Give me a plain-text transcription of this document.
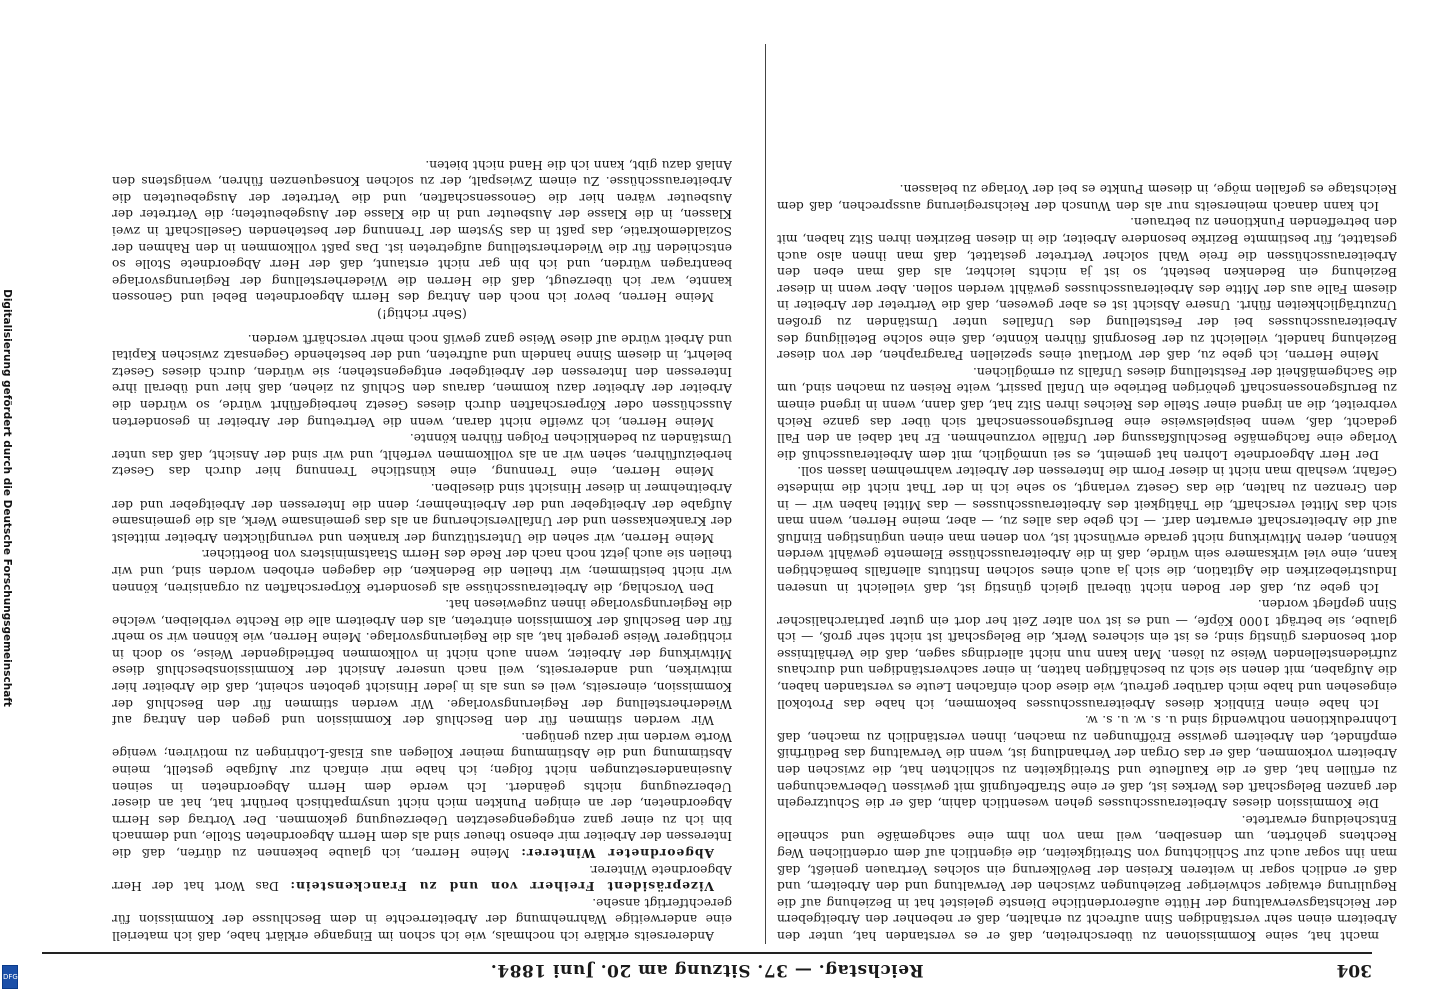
304
Reichstag. — 37. Sitzung am 20. Juni 1884.

macht hat, seine Kommissionen zu überschreiten, daß er es verstanden hat, unter den Arbeitern einen sehr verständigen Sinn aufrecht zu erhalten, daß er nebenher den Arbeitgebern der Reichstagsverwaltung der Hütte außerordentliche Dienste geleistet hat in Beziehung auf die Regulirung etwaiger schwieriger Beziehungen zwischen der Verwaltung und den Arbeitern, und daß er endlich sogar in weiteren Kreisen der Bevölkerung ein solches Vertrauen genießt, daß man ihn sogar auch zur Schlichtung von Streitigkeiten, die eigentlich auf dem ordentlichen Weg Rechtens gehörten, um denselben, weil man von ihm eine sachgemäße und schnelle Entscheidung erwartete.

Die Kommission dieses Arbeiterausschusses gehen wesentlich dahin, daß er die Schutzregeln der ganzen Belegschaft des Werkes ist, daß er eine Strafbefugniß mit gewissen Ueberwachungen zu erfüllen hat, daß er die Kaufleute und Streitigkeiten zu schlichten hat, die zwischen den Arbeitern vorkommen, daß er das Organ der Verhandlung ist, wenn die Verwaltung das Bedürfniß empfindet, den Arbeitern gewisse Eröffnungen zu machen, ihnen verständlich zu machen, daß Lohnreduktionen nothwendig sind u. s. w. u. s. w.

Ich habe einen Einblick dieses Arbeiterausschusses bekommen, ich habe das Protokoll eingesehen und habe mich darüber gefreut, wie diese doch einfachen Leute es verstanden haben, die Aufgaben, mit denen sie sich zu beschäftigen hatten, in einer sachverständigen und durchaus zufriedenstellenden Weise zu lösen. Man kann nun nicht allerdings sagen, daß die Verhältnisse dort besonders günstig sind; es ist ein sicheres Werk, die Belegschaft ist nicht sehr groß, — ich glaube, sie beträgt 1000 Köpfe, — und es ist von alter Zeit her dort ein guter patriarchalischer Sinn gepflegt worden.

Ich gebe zu, daß der Boden nicht überall gleich günstig ist, daß vielleicht in unseren Industriebezirken die Agitation, die sich ja auch eines solchen Instituts allenfalls bemächtigen kann, eine viel wirksamere sein würde, daß in die Arbeiterausschüsse Elemente gewählt werden können, deren Mitwirkung nicht gerade erwünscht ist, von denen man einen ungünstigen Einfluß auf die Arbeiterschaft erwarten darf. — Ich gebe das alles zu, — aber, meine Herren, wenn man sich das Mittel verschafft, die Thätigkeit des Arbeiterausschusses — das Mittel haben wir — in den Grenzen zu halten, die das Gesetz verlangt, so sehe ich in der That nicht die mindeste Gefahr, weshalb man nicht in dieser Form die Interessen der Arbeiter wahrnehmen lassen soll.

Der Herr Abgeordnete Lohren hat gemeint, es sei unmöglich, mit dem Arbeiterausschuß die Vorlage eine fachgemäße Beschlußfassung der Unfälle vorzunehmen. Er hat dabei an den Fall gedacht, daß, wenn beispielsweise eine Berufsgenossenschaft sich über das ganze Reich verbreitet, die an irgend einer Stelle des Reiches ihren Sitz hat, daß dann, wenn in irgend einem zu Berufsgenossenschaft gehörigen Betriebe ein Unfall passirt, weite Reisen zu machen sind, um die Sachgemäßheit der Feststellung dieses Unfalls zu ermöglichen.

Meine Herren, ich gebe zu, daß der Wortlaut eines speziellen Paragraphen, der von dieser Beziehung handelt, vielleicht zu der Besorgniß führen könnte, daß eine solche Beteiligung des Arbeiterausschusses bei der Feststellung des Unfalles unter Umständen zu großen Unzuträglichkeiten führt. Unsere Absicht ist es aber gewesen, daß die Vertreter der Arbeiter in diesem Falle aus der Mitte des Arbeiterausschusses gewählt werden sollen. Aber wenn in dieser Beziehung ein Bedenken besteht, so ist ja nichts leichter, als daß man eben den Arbeiterausschüssen die freie Wahl solcher Vertreter gestattet, daß man ihnen also auch gestattet, für bestimmte Bezirke besondere Arbeiter, die in diesen Bezirken ihren Sitz haben, mit den betreffenden Funktionen zu betrauen.

Ich kann danach meinerseits nur als den Wunsch der Reichsregierung aussprechen, daß dem Reichstage es gefallen möge, in diesem Punkte es bei der Vorlage zu belassen.

Andererseits erkläre ich nochmals, wie ich schon im Eingange erklärt habe, daß ich materiell eine anderweitige Wahrnehmung der Arbeiterrechte in dem Beschlusse der Kommission für gerechtfertigt ansehe.

Vizepräsident Freiherr von und zu Franckenstein: Das Wort hat der Herr Abgeordnete Winterer.

Abgeordneter Winterer: Meine Herren, ich glaube bekennen zu dürfen, daß die Interessen der Arbeiter mir ebenso theuer sind als dem Herrn Abgeordneten Stolle, und demnach bin ich zu einer ganz entgegengesetzten Ueberzeugung gekommen. Der Vortrag des Herrn Abgeordneten, der an einigen Punkten mich nicht unsympathisch berührt hat, hat an dieser Ueberzeugung nichts geändert. Ich werde dem Herrn Abgeordneten in seinen Auseinandersetzungen nicht folgen; ich habe mir einfach zur Aufgabe gestellt, meine Abstimmung und die Abstimmung meiner Kollegen aus Elsaß-Lothringen zu motiviren; wenige Worte werden mir dazu genügen.

Wir werden stimmen für den Beschluß der Kommission und gegen den Antrag auf Wiederherstellung der Regierungsvorlage. Wir werden stimmen für den Beschluß der Kommission, einerseits, weil es uns als in jeder Hinsicht geboten scheint, daß die Arbeiter hier mitwirken, und andererseits, weil nach unserer Ansicht der Kommissionsbeschluß diese Mitwirkung der Arbeiter, wenn auch nicht in vollkommen befriedigender Weise, so doch in richtigerer Weise geregelt hat, als die Regierungsvorlage. Meine Herren, wie können wir so mehr für den Beschluß der Kommission eintreten, als den Arbeitern alle die Rechte verbleiben, welche die Regierungsvorlage ihnen zugewiesen hat.

Den Vorschlag, die Arbeiterausschüsse als gesonderte Körperschaften zu organisiren, können wir nicht beistimmen; wir theilen die Bedenken, die dagegen erhoben worden sind, und wir theilen sie auch jetzt noch nach der Rede des Herrn Staatsministers von Boetticher.

Meine Herren, wir sehen die Unterstützung der kranken und verunglückten Arbeiter mittelst der Krankenkassen und der Unfallversicherung an als das gemeinsame Werk, als die gemeinsame Aufgabe der Arbeitgeber und der Arbeitnehmer; denn die Interessen der Arbeitgeber und der Arbeitnehmer in dieser Hinsicht sind dieselben.

Meine Herren, eine Trennung, eine künstliche Trennung hier durch das Gesetz herbeizuführen, sehen wir an als vollkommen verfehlt, und wir sind der Ansicht, daß das unter Umständen zu bedenklichen Folgen führen könnte.

Meine Herren, ich zweifle nicht daran, wenn die Vertretung der Arbeiter in gesonderten Ausschüssen oder Körperschaften durch dieses Gesetz herbeigeführt würde, so würden die Arbeiter der Arbeiter dazu kommen, daraus den Schluß zu ziehen, daß hier und überall ihre Interessen den Interessen der Arbeitgeber entgegenstehen; sie würden, durch dieses Gesetz belehrt, in diesem Sinne handeln und auftreten, und der bestehende Gegensatz zwischen Kapital und Arbeit würde auf diese Weise ganz gewiß noch mehr verschärft werden.

(Sehr richtig!)

Meine Herren, bevor ich noch den Antrag des Herrn Abgeordneten Bebel und Genossen kannte, war ich überzeugt, daß die Herren die Wiederherstellung der Regierungsvorlage beantragen würden, und ich bin gar nicht erstaunt, daß der Herr Abgeordnete Stolle so entschieden für die Wiederherstellung aufgetreten ist. Das paßt vollkommen in den Rahmen der Sozialdemokratie, das paßt in das System der Trennung der bestehenden Gesellschaft in zwei Klassen, in die Klasse der Ausbeuter und in die Klasse der Ausgebeuteten; die Vertreter der Ausbeuter wären hier die Genossenschaften, und die Vertreter der Ausgebeuteten die Arbeiterausschüsse. Zu einem Zwiespalt, der zu solchen Konsequenzen führen, wenigstens den Anlaß dazu gibt, kann ich die Hand nicht bieten.

Digitalisierung gefördert durch die Deutsche Forschungsgemeinschaft
DFG
